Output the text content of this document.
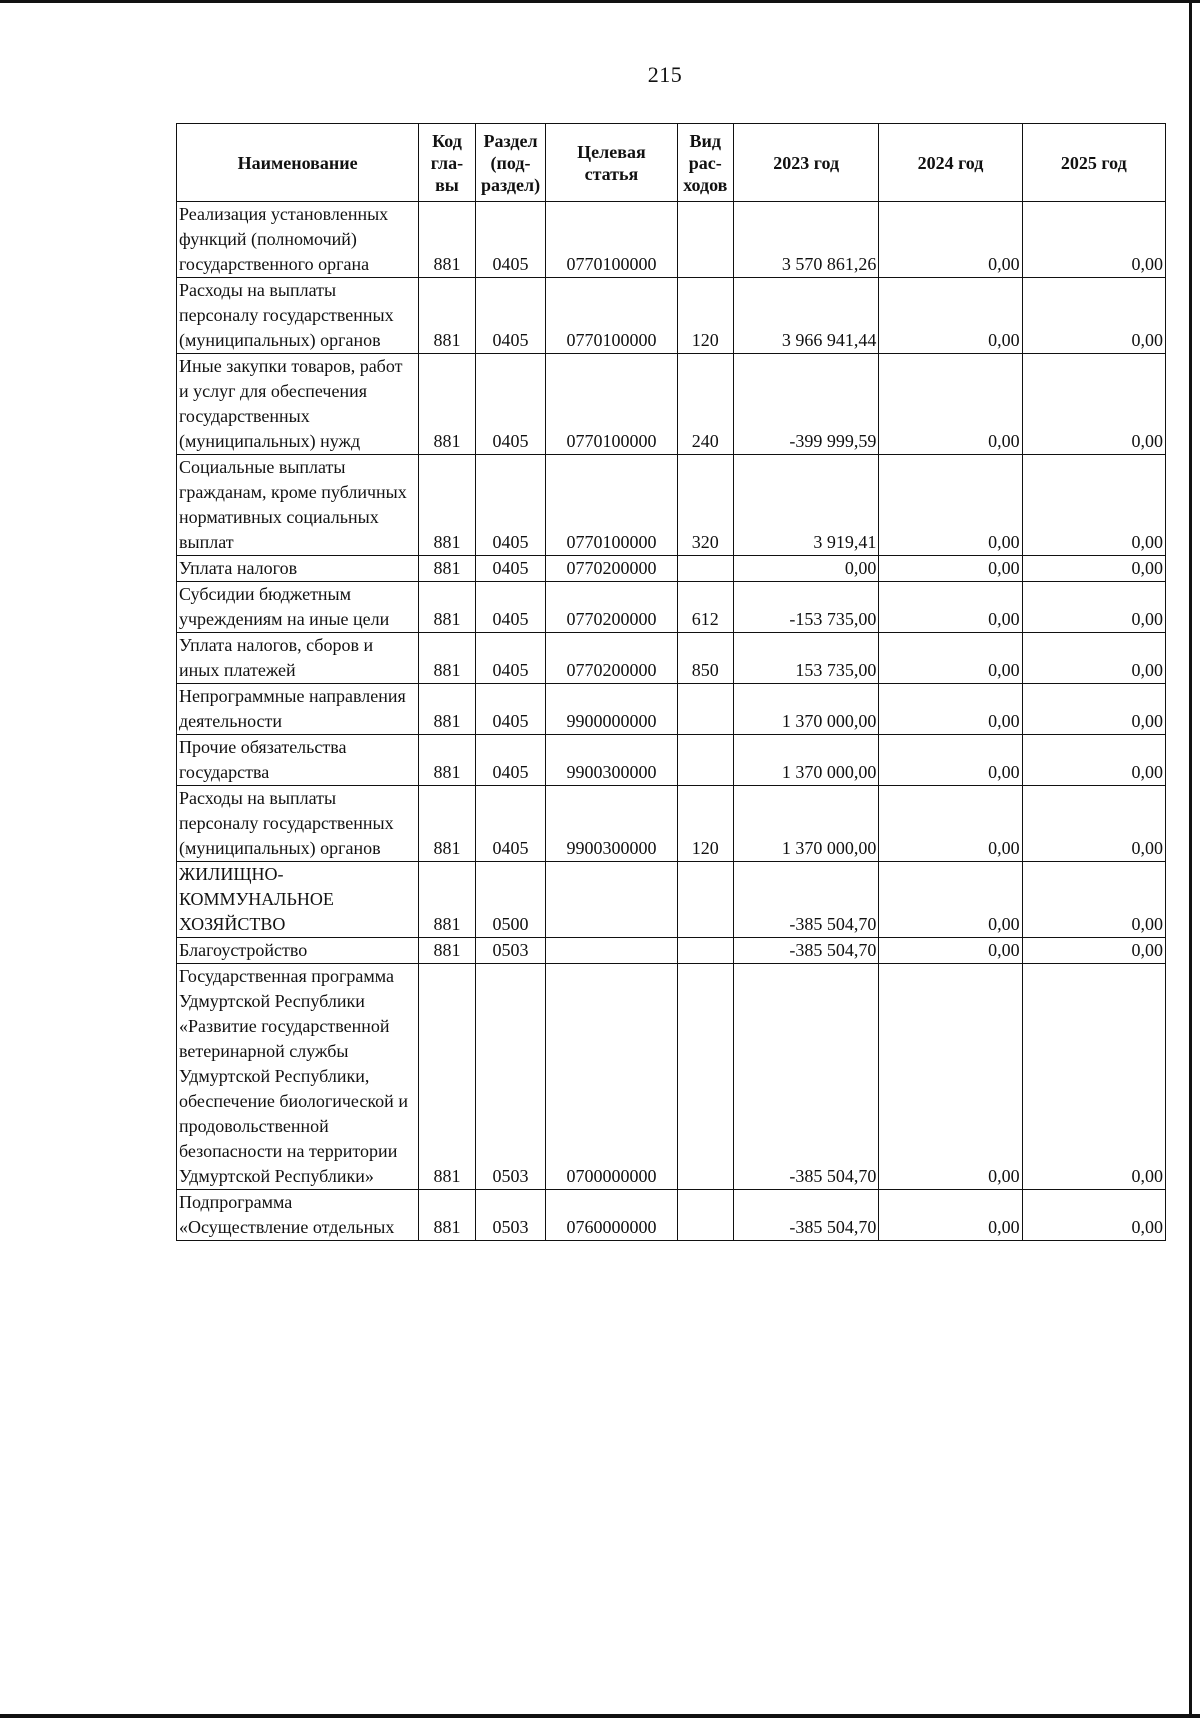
215
Наименование	Код гла-вы	Раздел (под-раздел)	Целевая статья	Вид рас-ходов	2023 год	2024 год	2025 год
Реализация установленных функций (полномочий) государственного органа	881	0405	0770100000		3 570 861,26	0,00	0,00
Расходы на выплаты персоналу государственных (муниципальных) органов	881	0405	0770100000	120	3 966 941,44	0,00	0,00
Иные закупки товаров, работ и услуг для обеспечения государственных (муниципальных) нужд	881	0405	0770100000	240	-399 999,59	0,00	0,00
Социальные выплаты гражданам, кроме публичных нормативных социальных выплат	881	0405	0770100000	320	3 919,41	0,00	0,00
Уплата налогов	881	0405	0770200000		0,00	0,00	0,00
Субсидии бюджетным учреждениям на иные цели	881	0405	0770200000	612	-153 735,00	0,00	0,00
Уплата налогов, сборов и иных платежей	881	0405	0770200000	850	153 735,00	0,00	0,00
Непрограммные направления деятельности	881	0405	9900000000		1 370 000,00	0,00	0,00
Прочие обязательства государства	881	0405	9900300000		1 370 000,00	0,00	0,00
Расходы на выплаты персоналу государственных (муниципальных) органов	881	0405	9900300000	120	1 370 000,00	0,00	0,00
ЖИЛИЩНО-КОММУНАЛЬНОЕ ХОЗЯЙСТВО	881	0500			-385 504,70	0,00	0,00
Благоустройство	881	0503			-385 504,70	0,00	0,00
Государственная программа Удмуртской Республики «Развитие государственной ветеринарной службы Удмуртской Республики, обеспечение биологической и продовольственной безопасности на территории Удмуртской Республики»	881	0503	0700000000		-385 504,70	0,00	0,00
Подпрограмма «Осуществление отдельных	881	0503	0760000000		-385 504,70	0,00	0,00
